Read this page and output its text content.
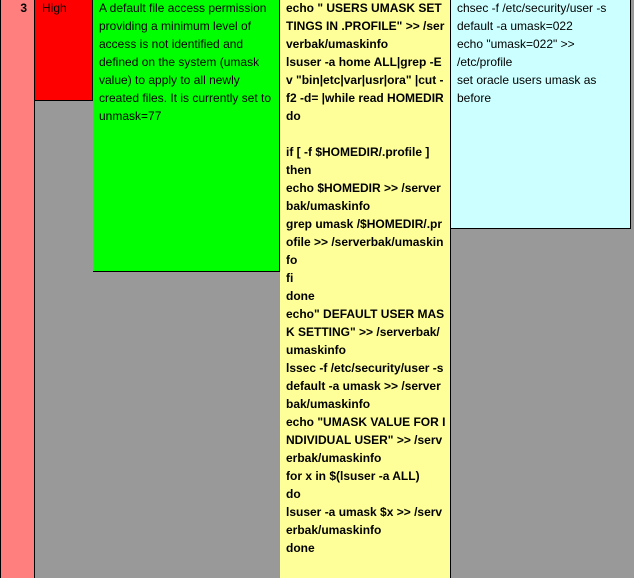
3	High	A default file access permission providing a minimum level of access is not identified and defined on the system (umask value) to apply to all newly created files. It is currently set to unmask=77
echo " USERS UMASK SETTINGS IN .PROFILE" >> /serverbak/umaskinfo
lsuser -a home ALL|grep -Ev "bin|etc|var|usr|ora" |cut -f2 -d= |while read HOMEDIR
do

if [ -f $HOMEDIR/.profile ]
then
echo $HOMEDIR >> /serverbak/umaskinfo
grep umask /$HOMEDIR/.profile >> /serverbak/umaskinfo
fi
done
echo" DEFAULT USER MASK SETTING" >> /serverbak/umaskinfo
lssec -f /etc/security/user -s default -a umask >> /serverbak/umaskinfo
echo "UMASK VALUE FOR INDIVIDUAL USER" >> /serverbak/umaskinfo
for x in $(lsuser -a ALL)
do
lsuser -a umask $x >> /serverbak/umaskinfo
done
chsec -f /etc/security/user -s default -a umask=022
echo "umask=022" >> /etc/profile
set oracle users umask as before
